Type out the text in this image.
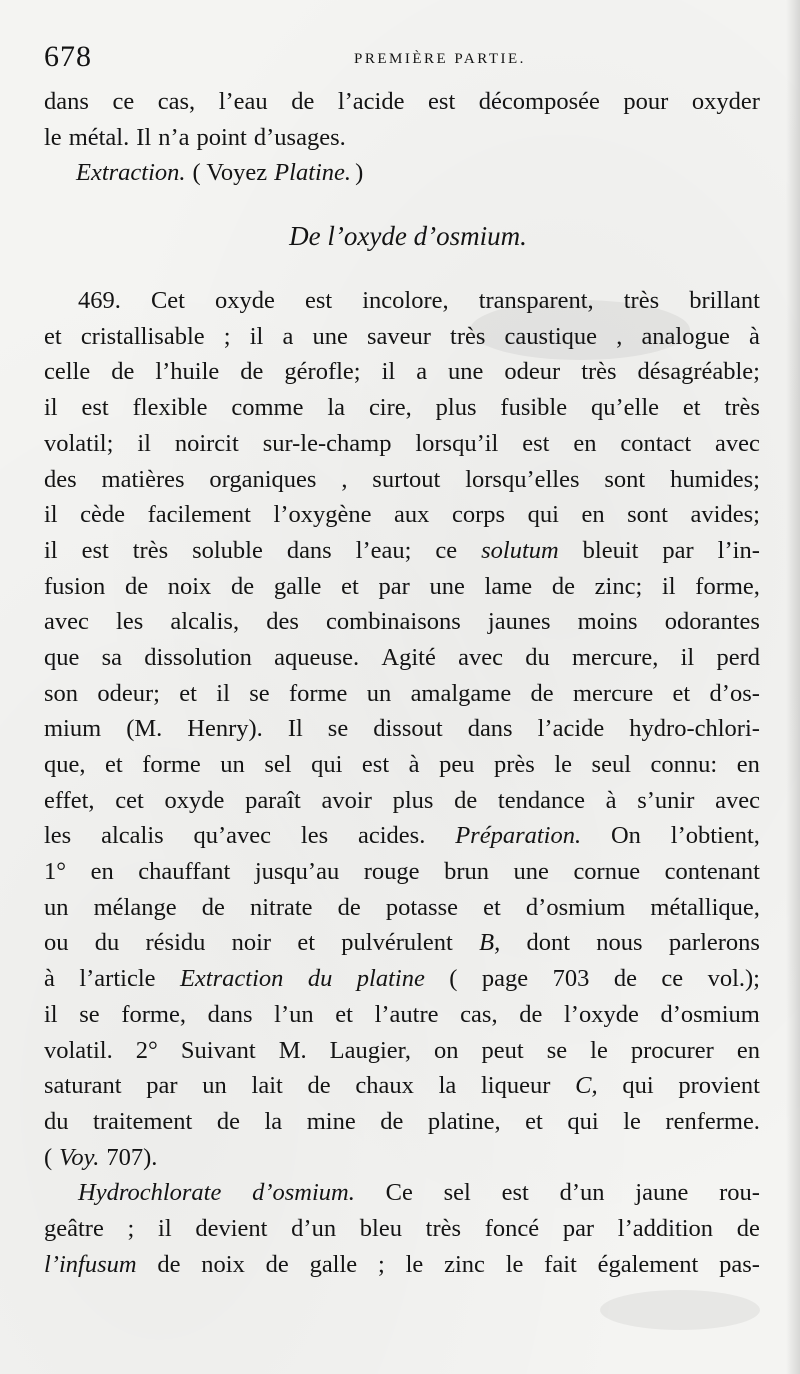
678	PREMIÈRE PARTIE.
dans ce cas, l’eau de l’acide est décomposée pour oxyder
le métal. Il n’a point d’usages.
Extraction. ( Voyez Platine. )
De l’oxyde d’osmium.
469. Cet oxyde est incolore, transparent, très brillant
et cristallisable ; il a une saveur très caustique , analogue à
celle de l’huile de gérofle; il a une odeur très désagréable;
il est flexible comme la cire, plus fusible qu’elle et très
volatil; il noircit sur-le-champ lorsqu’il est en contact avec
des matières organiques , surtout lorsqu’elles sont humides;
il cède facilement l’oxygène aux corps qui en sont avides;
il est très soluble dans l’eau; ce solutum bleuit par l’in-
fusion de noix de galle et par une lame de zinc; il forme,
avec les alcalis, des combinaisons jaunes moins odorantes
que sa dissolution aqueuse. Agité avec du mercure, il perd
son odeur; et il se forme un amalgame de mercure et d’os-
mium (M. Henry). Il se dissout dans l’acide hydro-chlori-
que, et forme un sel qui est à peu près le seul connu: en
effet, cet oxyde paraît avoir plus de tendance à s’unir avec
les alcalis qu’avec les acides. Préparation. On l’obtient,
1° en chauffant jusqu’au rouge brun une cornue contenant
un mélange de nitrate de potasse et d’osmium métallique,
ou du résidu noir et pulvérulent B, dont nous parlerons
à l’article Extraction du platine ( page 703 de ce vol.);
il se forme, dans l’un et l’autre cas, de l’oxyde d’osmium
volatil. 2° Suivant M. Laugier, on peut se le procurer en
saturant par un lait de chaux la liqueur C, qui provient
du traitement de la mine de platine, et qui le renferme.
( Voy. 707).
Hydrochlorate d’osmium. Ce sel est d’un jaune rou-
geâtre ; il devient d’un bleu très foncé par l’addition de
l’infusum de noix de galle ; le zinc le fait également pas-
